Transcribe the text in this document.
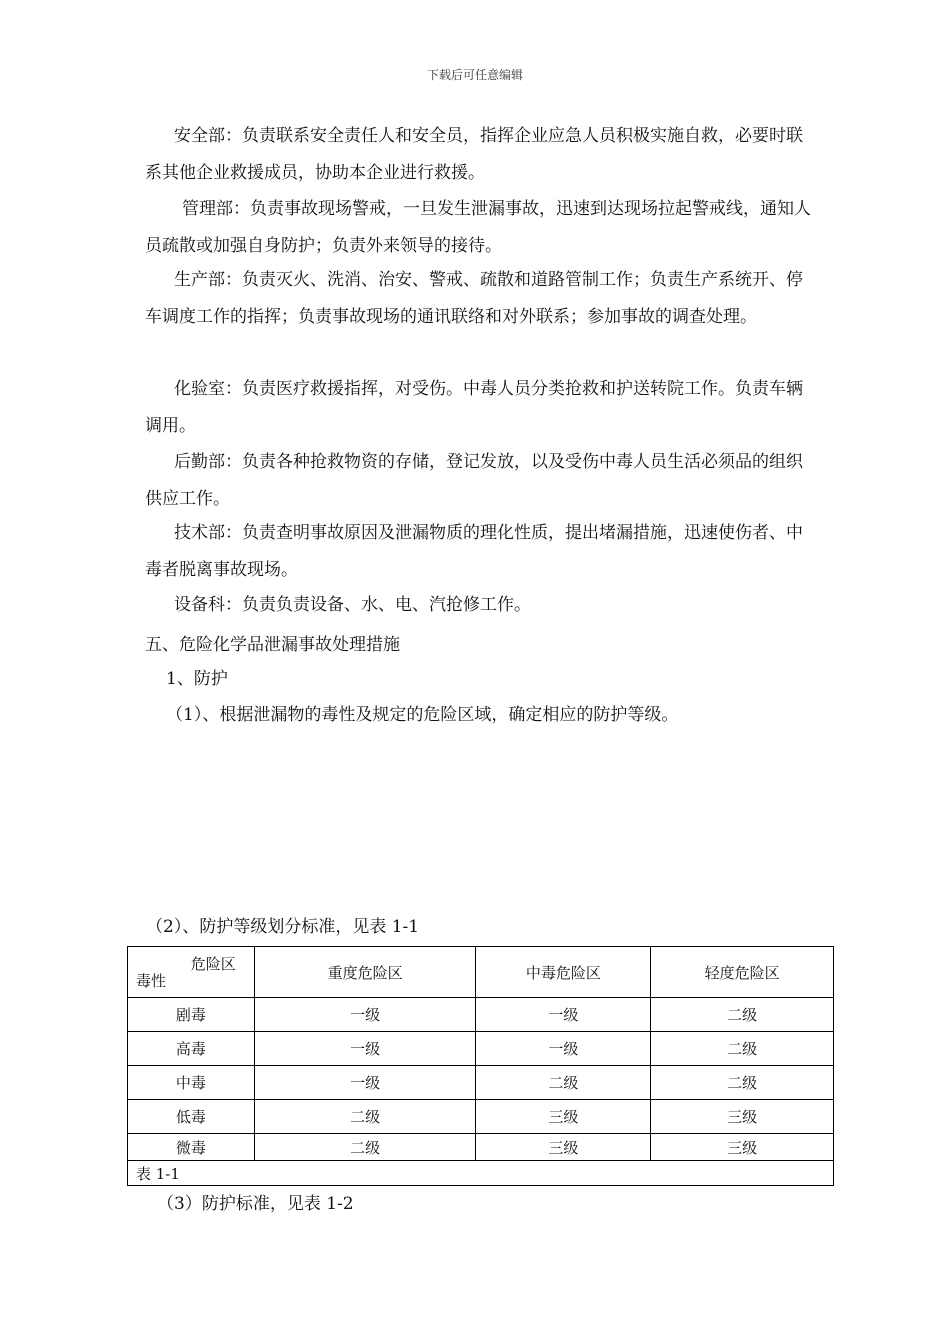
下载后可任意编辑

安全部：负责联系安全责任人和安全员，指挥企业应急人员积极实施自救，必要时联系其他企业救援成员，协助本企业进行救援。

管理部：负责事故现场警戒，一旦发生泄漏事故，迅速到达现场拉起警戒线，通知人员疏散或加强自身防护；负责外来领导的接待。

生产部：负责灭火、洗消、治安、警戒、疏散和道路管制工作；负责生产系统开、停车调度工作的指挥；负责事故现场的通讯联络和对外联系；参加事故的调查处理。

化验室：负责医疗救援指挥，对受伤。中毒人员分类抢救和护送转院工作。负责车辆调用。

后勤部：负责各种抢救物资的存储，登记发放，以及受伤中毒人员生活必须品的组织供应工作。

技术部：负责查明事故原因及泄漏物质的理化性质，提出堵漏措施，迅速使伤者、中毒者脱离事故现场。

设备科：负责负责设备、水、电、汽抢修工作。

五、危险化学品泄漏事故处理措施

1、防护

（1）、根据泄漏物的毒性及规定的危险区域，确定相应的防护等级。

（2）、防护等级划分标准，见表 1-1

危险区
毒性	重度危险区	中毒危险区	轻度危险区
剧毒	一级	一级	二级
高毒	一级	一级	二级
中毒	一级	二级	二级
低毒	二级	三级	三级
微毒	二级	三级	三级
表 1-1			

（3）防护标准，见表 1-2
